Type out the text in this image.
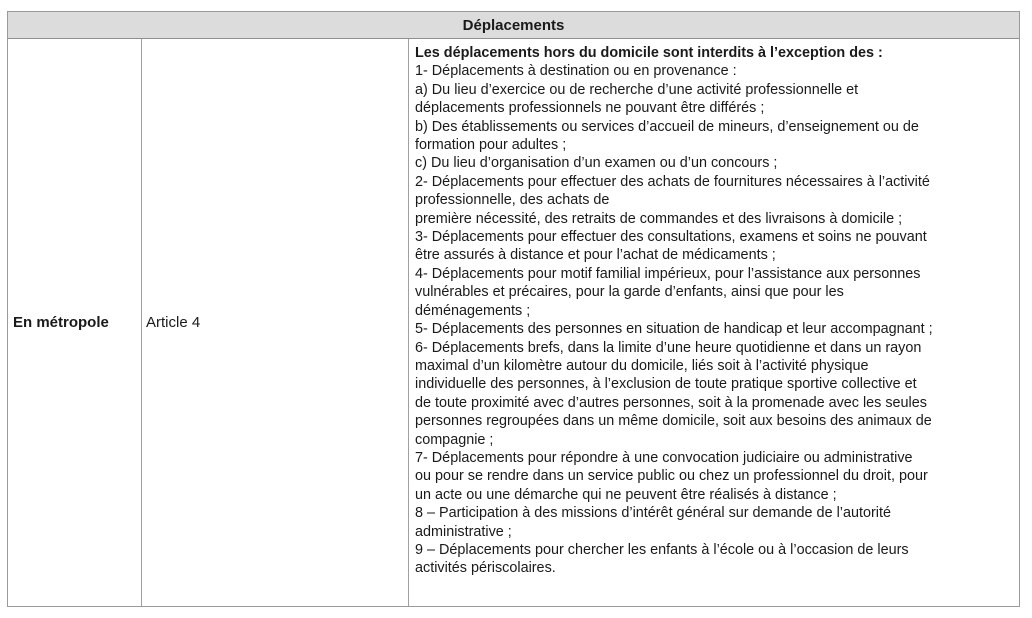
Déplacements
En métropole Article 4

Les déplacements hors du domicile sont interdits à l’exception des :

1- Déplacements à destination ou en provenance :

a) Du lieu d’exercice ou de recherche d’une activité professionnelle et

déplacements professionnels ne pouvant être différés ;

b) Des établissements ou services d’accueil de mineurs, d’enseignement ou de

formation pour adultes ;

c) Du lieu d’organisation d’un examen ou d’un concours ;

2- Déplacements pour effectuer des achats de fournitures nécessaires à l’activité

professionnelle, des achats de

première nécessité, des retraits de commandes et des livraisons à domicile ;

3- Déplacements pour effectuer des consultations, examens et soins ne pouvant

être assurés à distance et pour l’achat de médicaments ;

4- Déplacements pour motif familial impérieux, pour l’assistance aux personnes

vulnérables et précaires, pour la garde d’enfants, ainsi que pour les

déménagements ;

5- Déplacements des personnes en situation de handicap et leur accompagnant ;

6- Déplacements brefs, dans la limite d’une heure quotidienne et dans un rayon

maximal d’un kilomètre autour du domicile, liés soit à l’activité physique

individuelle des personnes, à l’exclusion de toute pratique sportive collective et

de toute proximité avec d’autres personnes, soit à la promenade avec les seules

personnes regroupées dans un même domicile, soit aux besoins des animaux de

compagnie ;

7- Déplacements pour répondre à une convocation judiciaire ou administrative

ou pour se rendre dans un service public ou chez un professionnel du droit, pour

un acte ou une démarche qui ne peuvent être réalisés à distance ;

8 – Participation à des missions d’intérêt général sur demande de l’autorité

administrative ;

9 – Déplacements pour chercher les enfants à l’école ou à l’occasion de leurs

activités périscolaires.
